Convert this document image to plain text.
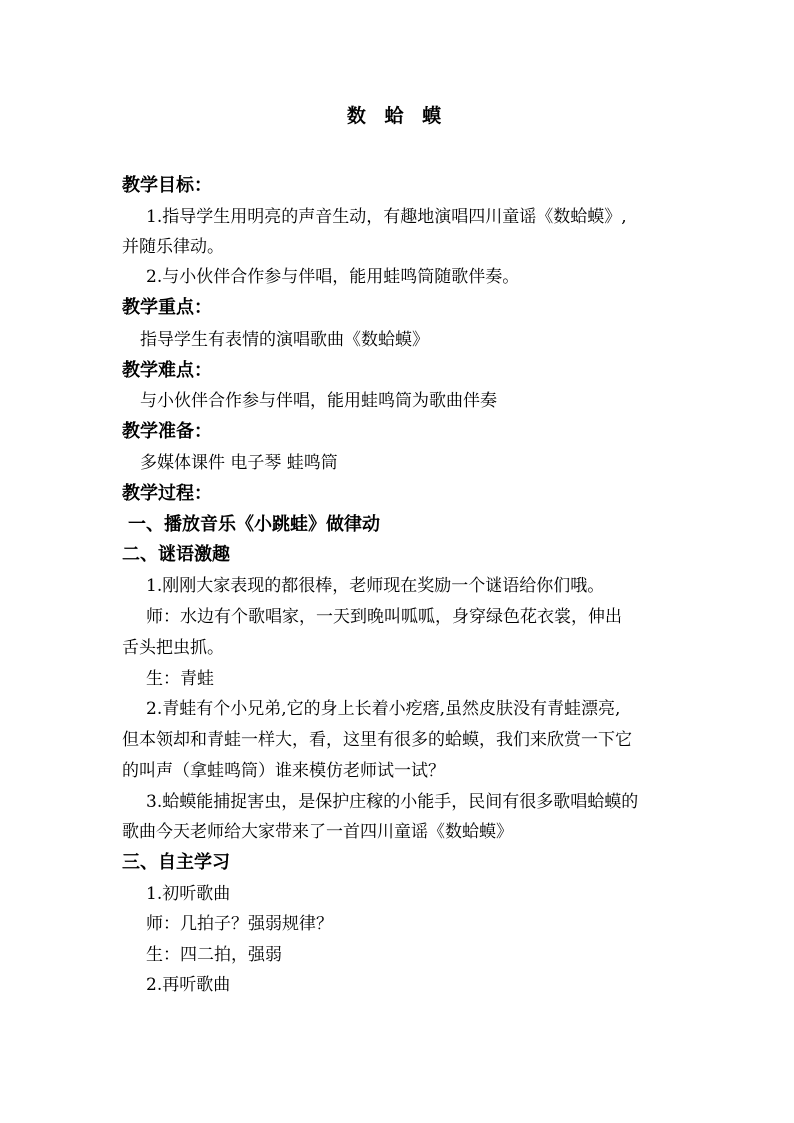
数 蛤 蟆
教学目标：
1.指导学生用明亮的声音生动，有趣地演唱四川童谣《数蛤蟆》,
并随乐律动。
2.与小伙伴合作参与伴唱，能用蛙鸣筒随歌伴奏。
教学重点：
指导学生有表情的演唱歌曲《数蛤蟆》
教学难点：
与小伙伴合作参与伴唱，能用蛙鸣筒为歌曲伴奏
教学准备：
多媒体课件 电子琴 蛙鸣筒
教学过程：
一、播放音乐《小跳蛙》做律动
二、谜语激趣
1.刚刚大家表现的都很棒，老师现在奖励一个谜语给你们哦。
师：水边有个歌唱家，一天到晚叫呱呱，身穿绿色花衣裳，伸出
舌头把虫抓。
生：青蛙
2.青蛙有个小兄弟,它的身上长着小疙瘩,虽然皮肤没有青蛙漂亮,
但本领却和青蛙一样大，看，这里有很多的蛤蟆，我们来欣赏一下它
的叫声（拿蛙鸣筒）谁来模仿老师试一试？
3.蛤蟆能捕捉害虫，是保护庄稼的小能手，民间有很多歌唱蛤蟆的
歌曲今天老师给大家带来了一首四川童谣《数蛤蟆》
三、自主学习
1.初听歌曲
师：几拍子？强弱规律？
生：四二拍，强弱
2.再听歌曲
